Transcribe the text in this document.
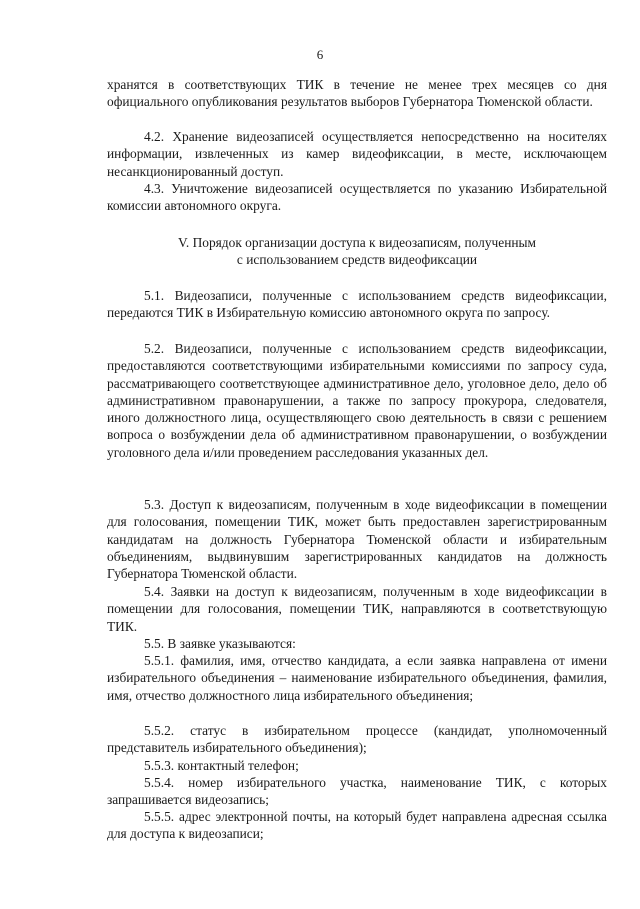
6

хранятся в соответствующих ТИК в течение не менее трех месяцев со дня официального опубликования результатов выборов Губернатора Тюменской области.

4.2. Хранение видеозаписей осуществляется непосредственно на носителях информации, извлеченных из камер видеофиксации, в месте, исключающем несанкционированный доступ.

4.3. Уничтожение видеозаписей осуществляется по указанию Избирательной комиссии автономного округа.

V. Порядок организации доступа к видеозаписям, полученным
с использованием средств видеофиксации

5.1. Видеозаписи, полученные с использованием средств видеофиксации, передаются ТИК в Избирательную комиссию автономного округа по запросу.

5.2. Видеозаписи, полученные с использованием средств видеофиксации, предоставляются соответствующими избирательными комиссиями по запросу суда, рассматривающего соответствующее административное дело, уголовное дело, дело об административном правонарушении, а также по запросу прокурора, следователя, иного должностного лица, осуществляющего свою деятельность в связи с решением вопроса о возбуждении дела об административном правонарушении, о возбуждении уголовного дела и/или проведением расследования указанных дел.

5.3. Доступ к видеозаписям, полученным в ходе видеофиксации в помещении для голосования, помещении ТИК, может быть предоставлен зарегистрированным кандидатам на должность Губернатора Тюменской области и избирательным объединениям, выдвинувшим зарегистрированных кандидатов на должность Губернатора Тюменской области.

5.4. Заявки на доступ к видеозаписям, полученным в ходе видеофиксации в помещении для голосования, помещении ТИК, направляются в соответствующую ТИК.

5.5. В заявке указываются:

5.5.1. фамилия, имя, отчество кандидата, а если заявка направлена от имени избирательного объединения – наименование избирательного объединения, фамилия, имя, отчество должностного лица избирательного объединения;

5.5.2. статус в избирательном процессе (кандидат, уполномоченный представитель избирательного объединения);

5.5.3. контактный телефон;

5.5.4. номер избирательного участка, наименование ТИК, с которых запрашивается видеозапись;

5.5.5. адрес электронной почты, на который будет направлена адресная ссылка для доступа к видеозаписи;
